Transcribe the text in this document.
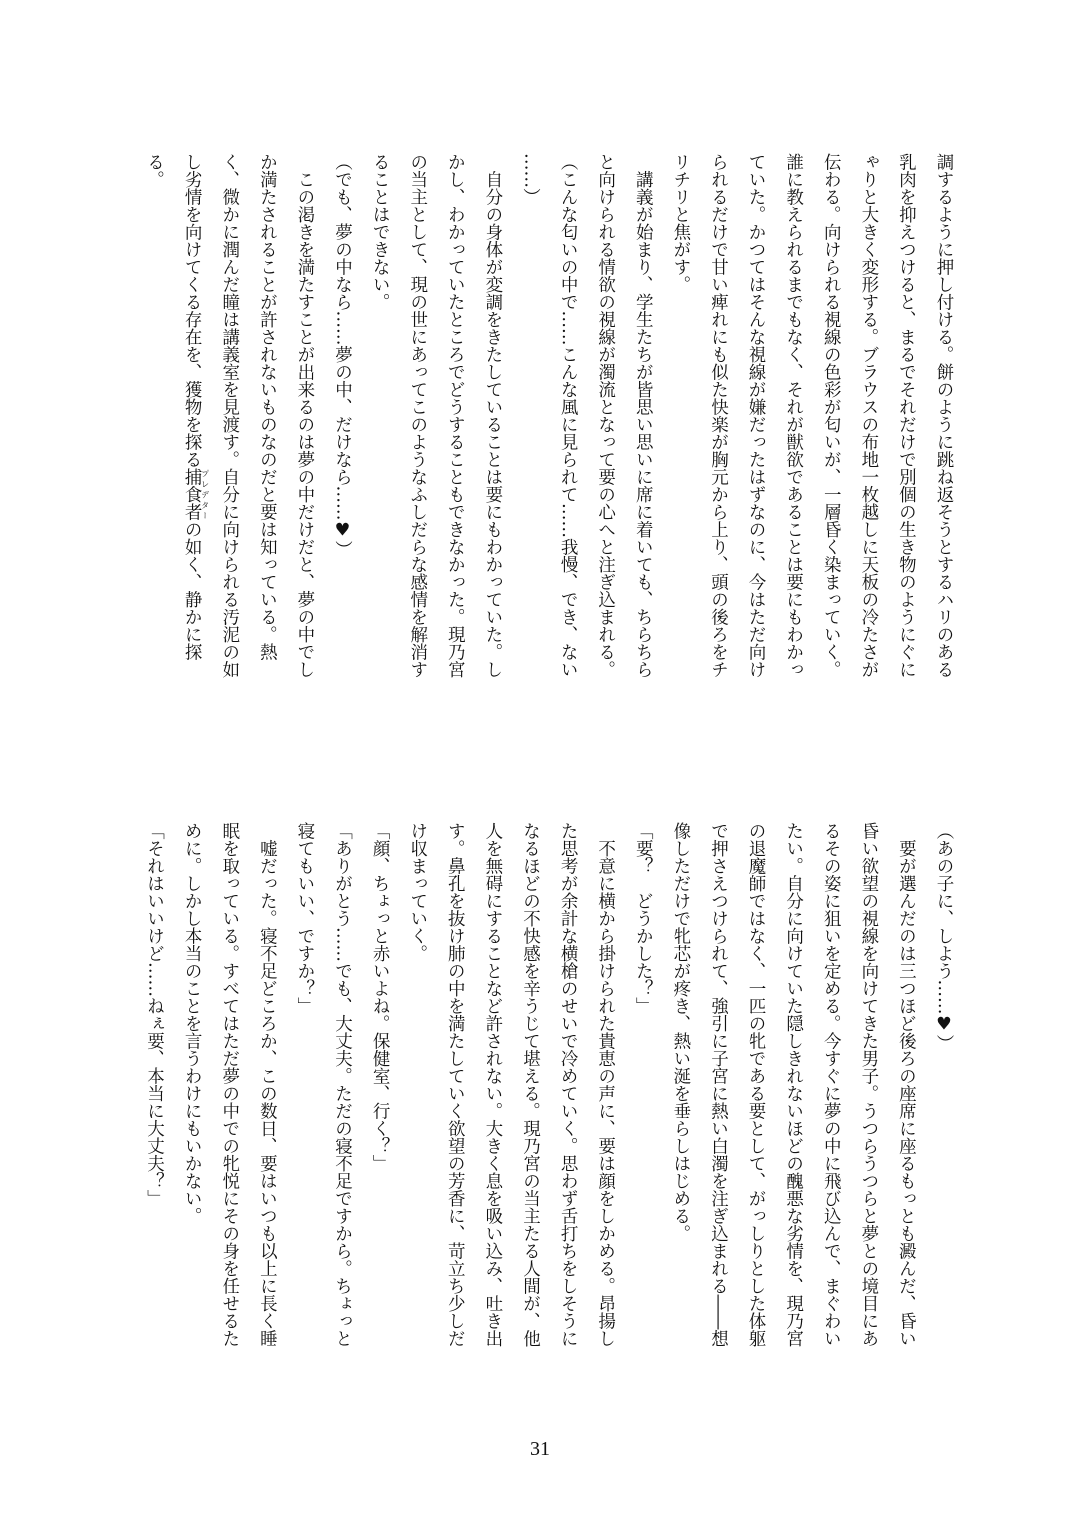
調するように押し付ける。餅のように跳ね返そうとするハリのある
乳肉を抑えつけると、まるでそれだけで別個の生き物のようにぐに
ゃりと大きく変形する。ブラウスの布地一枚越しに天板の冷たさが
伝わる。向けられる視線の色彩が匂いが、一層昏く染まっていく。
誰に教えられるまでもなく、それが獣欲であることは要にもわかっ
ていた。かつてはそんな視線が嫌だったはずなのに、今はただ向け
られるだけで甘い痺れにも似た快楽が胸元から上り、頭の後ろをチ
リチリと焦がす。
　講義が始まり、学生たちが皆思い思いに席に着いても、ちらちら
と向けられる情欲の視線が濁流となって要の心へと注ぎ込まれる。
（こんな匂いの中で……こんな風に見られて……我慢、でき、ない
……）
　自分の身体が変調をきたしていることは要にもわかっていた。し
かし、わかっていたところでどうすることもできなかった。現乃宮
の当主として、現の世にあってこのようなふしだらな感情を解消す
ることはできない。
（でも、夢の中なら……夢の中、だけなら……♥）
　この渇きを満たすことが出来るのは夢の中だけだと、夢の中でし
か満たされることが許されないものなのだと要は知っている。熱
く、微かに潤んだ瞳は講義室を見渡す。自分に向けられる汚泥の如
し劣情を向けてくる存在を、獲物を探る捕食者プレデターの如く、静かに探
る。
（あの子に、しよう……♥）
　要が選んだのは三つほど後ろの座席に座るもっとも澱んだ、昏い
昏い欲望の視線を向けてきた男子。うつらうつらと夢との境目にあ
るその姿に狙いを定める。今すぐに夢の中に飛び込んで、まぐわい
たい。自分に向けていた隠しきれないほどの醜悪な劣情を、現乃宮
の退魔師ではなく、一匹の牝である要として、がっしりとした体躯
で押さえつけられて、強引に子宮に熱い白濁を注ぎ込まれる――想
像しただけで牝芯が疼き、熱い涎を垂らしはじめる。
「要？　どうかした？」
　不意に横から掛けられた貴恵の声に、要は顔をしかめる。昂揚し
た思考が余計な横槍のせいで冷めていく。思わず舌打ちをしそうに
なるほどの不快感を辛うじて堪える。現乃宮の当主たる人間が、他
人を無碍にすることなど許されない。大きく息を吸い込み、吐き出
す。鼻孔を抜け肺の中を満たしていく欲望の芳香に、苛立ち少しだ
け収まっていく。
「顔、ちょっと赤いよね。保健室、行く？」
「ありがとう……でも、大丈夫。ただの寝不足ですから。ちょっと
寝てもいい、ですか？」
　嘘だった。寝不足どころか、この数日、要はいつも以上に長く睡
眠を取っている。すべてはただ夢の中での牝悦にその身を任せるた
めに。しかし本当のことを言うわけにもいかない。
「それはいいけど……ねぇ要、本当に大丈夫？」
31
